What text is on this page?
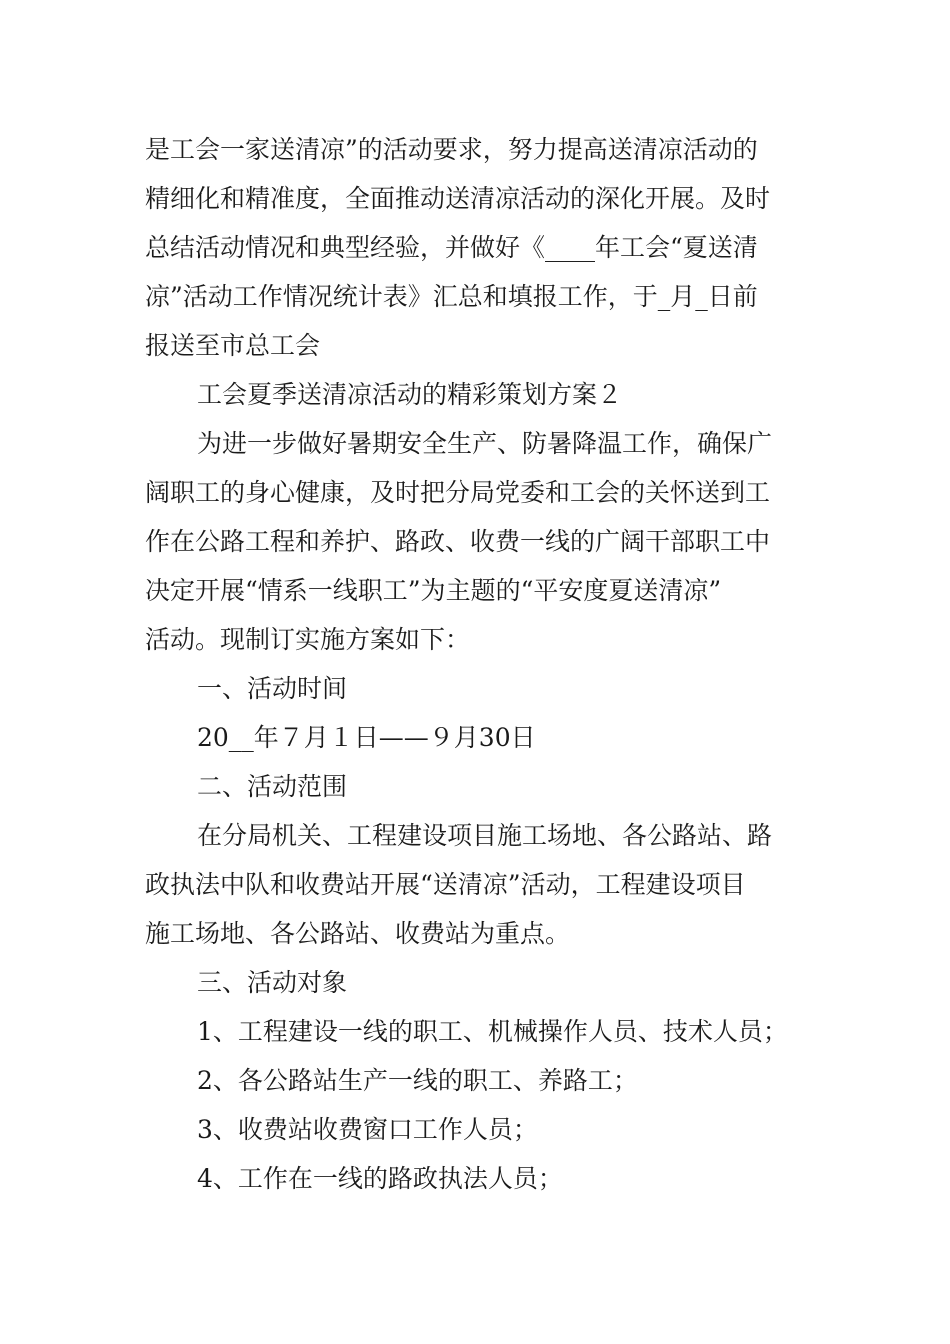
是工会一家送清凉”的活动要求，努力提高送清凉活动的
精细化和精准度，全面推动送清凉活动的深化开展。及时
总结活动情况和典型经验，并做好《____年工会“夏送清
凉”活动工作情况统计表》汇总和填报工作，于_月_日前
报送至市总工会
工会夏季送清凉活动的精彩策划方案２
为进一步做好暑期安全生产、防暑降温工作，确保广
阔职工的身心健康，及时把分局党委和工会的关怀送到工
作在公路工程和养护、路政、收费一线的广阔干部职工中
决定开展“情系一线职工”为主题的“平安度夏送清凉”
活动。现制订实施方案如下：
一、活动时间
20__年７月１日——９月30日
二、活动范围
在分局机关、工程建设项目施工场地、各公路站、路
政执法中队和收费站开展“送清凉”活动，工程建设项目
施工场地、各公路站、收费站为重点。
三、活动对象
1、工程建设一线的职工、机械操作人员、技术人员；
2、各公路站生产一线的职工、养路工；
3、收费站收费窗口工作人员；
4、工作在一线的路政执法人员；
